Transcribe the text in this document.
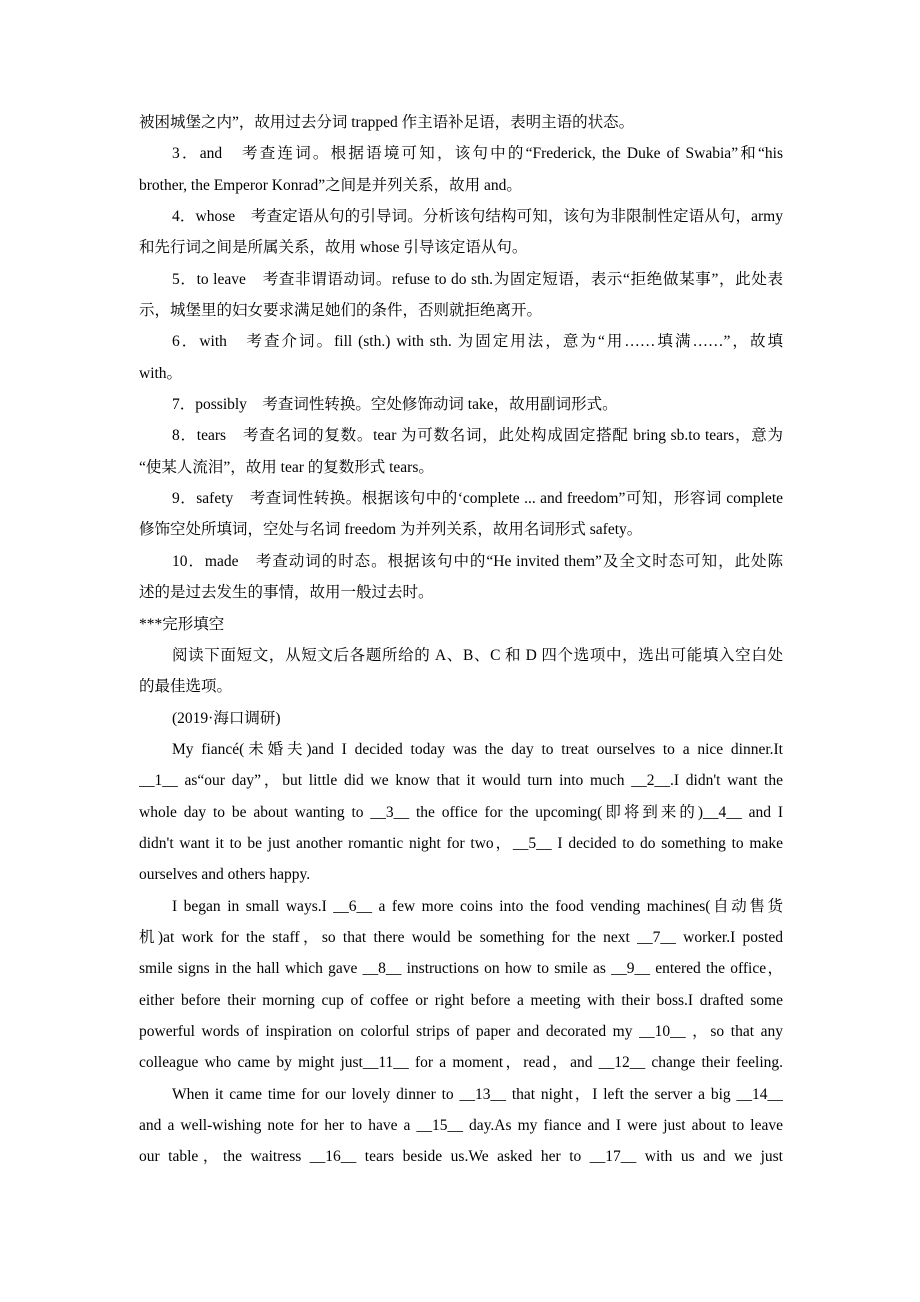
被困城堡之内”，故用过去分词 trapped 作主语补足语，表明主语的状态。
3．and　考查连词。根据语境可知，该句中的“Frederick, the Duke of Swabia”和“his
brother, the Emperor Konrad”之间是并列关系，故用 and。
4．whose　考查定语从句的引导词。分析该句结构可知，该句为非限制性定语从句，army
和先行词之间是所属关系，故用 whose 引导该定语从句。
5．to leave　考查非谓语动词。refuse to do sth.为固定短语，表示“拒绝做某事”，此处表
示，城堡里的妇女要求满足她们的条件，否则就拒绝离开。
6．with　考查介词。fill (sth.) with sth. 为固定用法，意为“用……填满……”，故填
with。
7．possibly　考查词性转换。空处修饰动词 take，故用副词形式。
8．tears　考查名词的复数。tear 为可数名词，此处构成固定搭配 bring sb.to tears，意为
“使某人流泪”，故用 tear 的复数形式 tears。
9．safety　考查词性转换。根据该句中的‘complete ... and freedom”可知，形容词 complete
修饰空处所填词，空处与名词 freedom 为并列关系，故用名词形式 safety。
10．made　考查动词的时态。根据该句中的“He invited them”及全文时态可知，此处陈
述的是过去发生的事情，故用一般过去时。
***完形填空
阅读下面短文，从短文后各题所给的 A、B、C 和 D 四个选项中，选出可能填入空白处
的最佳选项。
(2019·海口调研)
My fiancé(未婚夫)and I decided today was the day to treat ourselves to a nice dinner.It
__1__ as“our day”，but little did we know that it would turn into much __2__.I didn't want the
whole day to be about wanting to __3__ the office for the upcoming(即将到来的)__4__ and I
didn't want it to be just another romantic night for two，__5__ I decided to do something to make
ourselves and others happy.
I began in small ways.I __6__ a few more coins into the food vending machines(自动售货
机)at work for the staff，so that there would be something for the next __7__ worker.I posted
smile signs in the hall which gave __8__ instructions on how to smile as __9__ entered the office，
either before their morning cup of coffee or right before a meeting with their boss.I drafted some
powerful words of inspiration on colorful strips of paper and decorated my __10__ ，so that any
colleague who came by might just__11__ for a moment，read，and __12__ change their feeling.
When it came time for our lovely dinner to __13__ that night，I left the server a big __14__
and a well-wishing note for her to have a __15__ day.As my fiance and I were just about to leave
our table，the waitress __16__ tears beside us.We asked her to __17__ with us and we just
